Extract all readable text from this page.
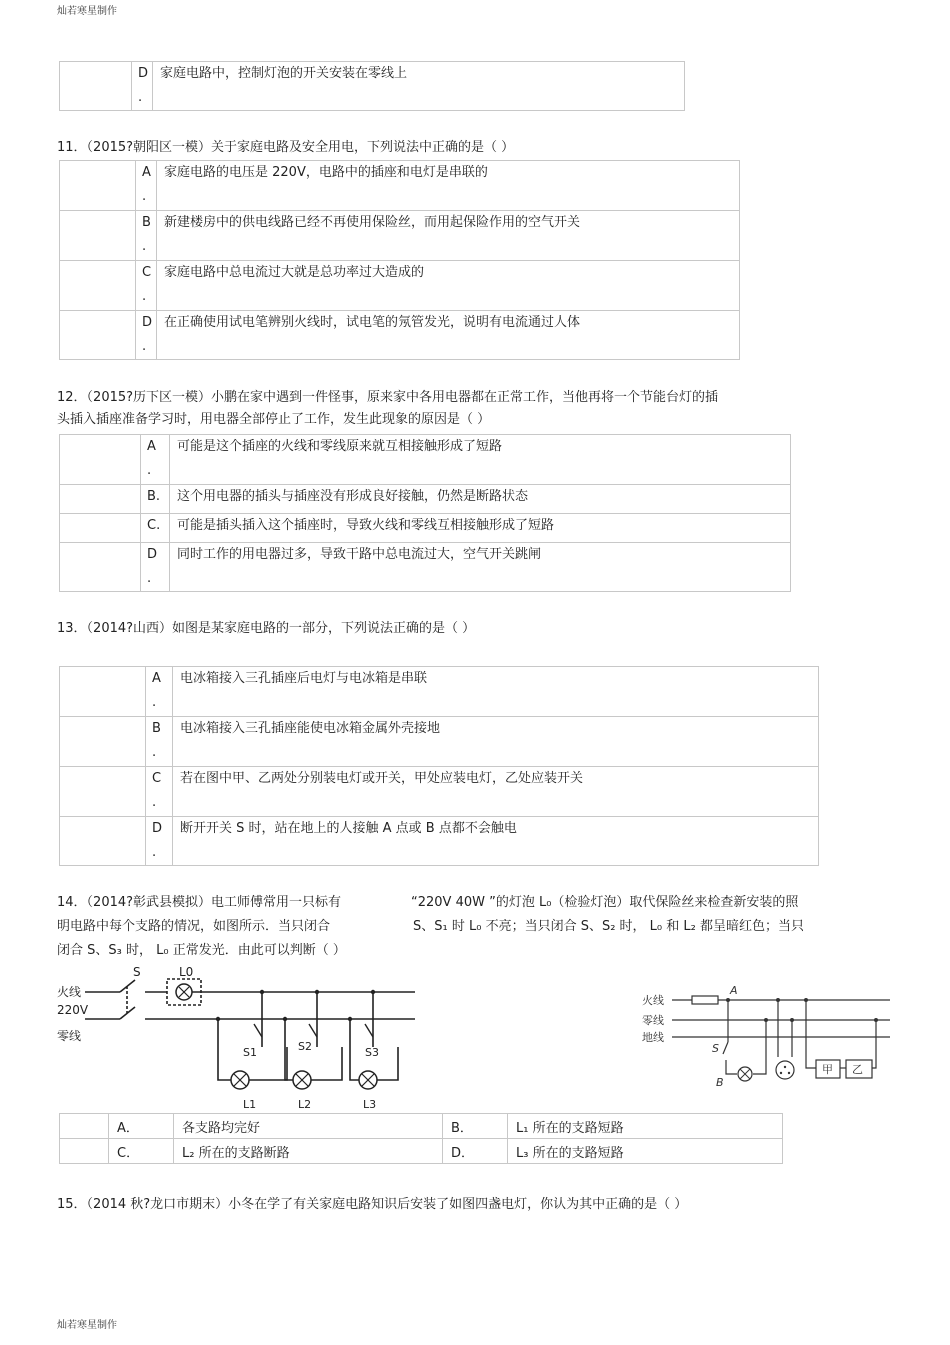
灿若寒星制作
灿若寒星制作

D
.
	家庭电路中，控制灯泡的开关安装在零线上
11．（2015?朝阳区一模）关于家庭电路及安全用电，下列说法中正确的是（ ）

	A
.	家庭电路的电压是 220V，电路中的插座和电灯是串联的

	B
.	新建楼房中的供电线路已经不再使用保险丝，而用起保险作用的空气开关

	C
.	家庭电路中总电流过大就是总功率过大造成的

	D
.	在正确使用试电笔辨别火线时，试电笔的氖管发光，说明有电流通过人体
12．（2015?历下区一模）小鹏在家中遇到一件怪事，原来家中各用电器都在正常工作，当他再将一个节能台灯的插
头插入插座准备学习时，用电器全部停止了工作，发生此现象的原因是（ ）

	A
.	可能是这个插座的火线和零线原来就互相接触形成了短路
	B.	这个用电器的插头与插座没有形成良好接触，仍然是断路状态
	C.	可能是插头插入这个插座时，导致火线和零线互相接触形成了短路

	D
.	同时工作的用电器过多，导致干路中总电流过大，空气开关跳闸
13．（2014?山西）如图是某家庭电路的一部分，下列说法正确的是（ ）

	A
.	电冰箱接入三孔插座后电灯与电冰箱是串联

	B
.	电冰箱接入三孔插座能使电冰箱金属外壳接地

	C
.	若在图中甲、乙两处分别装电灯或开关，甲处应装电灯，乙处应装开关

	D
.	断开开关 S 时，站在地上的人接触 A 点或 B 点都不会触电
14．（2014?彰武县模拟）电工师傅常用一只标有	“220V 40W ”的灯泡 L₀（检验灯泡）取代保险丝来检查新安装的照
明电路中每个支路的情况，如图所示．当只闭合	S、S₁ 时 L₀ 不亮；当只闭合 S、S₂ 时， L₀ 和 L₂ 都呈暗红色；当只
闭合 S、S₃ 时， L₀ 正常发光．由此可以判断（ ）
火线
220V
零线
S	L0
S1	S2	S3
L1	L2	L3
火线
零线
地线
A
B
S
甲 乙
	A．	各支路均完好	B．	L₁ 所在的支路短路
	C．	L₂ 所在的支路断路	D．	L₃ 所在的支路短路
15．（2014 秋?龙口市期末）小冬在学了有关家庭电路知识后安装了如图四盏电灯，你认为其中正确的是（ ）
